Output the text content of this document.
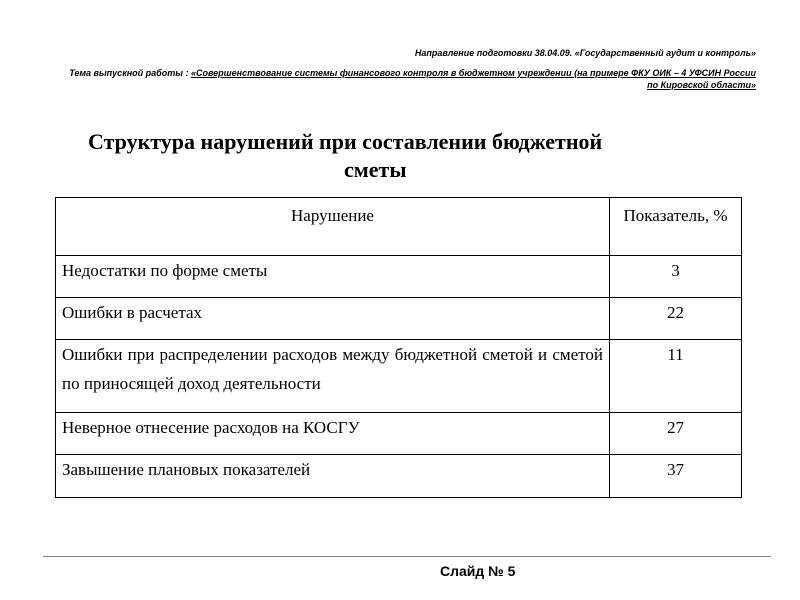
Направление подготовки 38.04.09. «Государственный аудит и контроль»
Тема выпускной работы : «Совершенствование системы финансового контроля в бюджетном учреждении (на примере ФКУ ОИК – 4 УФСИН России по Кировской области»
Структура нарушений при составлении бюджетной
сметы
Нарушение	Показатель, %
Недостатки по форме сметы	3
Ошибки в расчетах	22
Ошибки при распределении расходов между бюджетной сметой и сметой по приносящей доход деятельности	11
Неверное отнесение расходов на КОСГУ	27
Завышение плановых показателей	37
Слайд № 5
